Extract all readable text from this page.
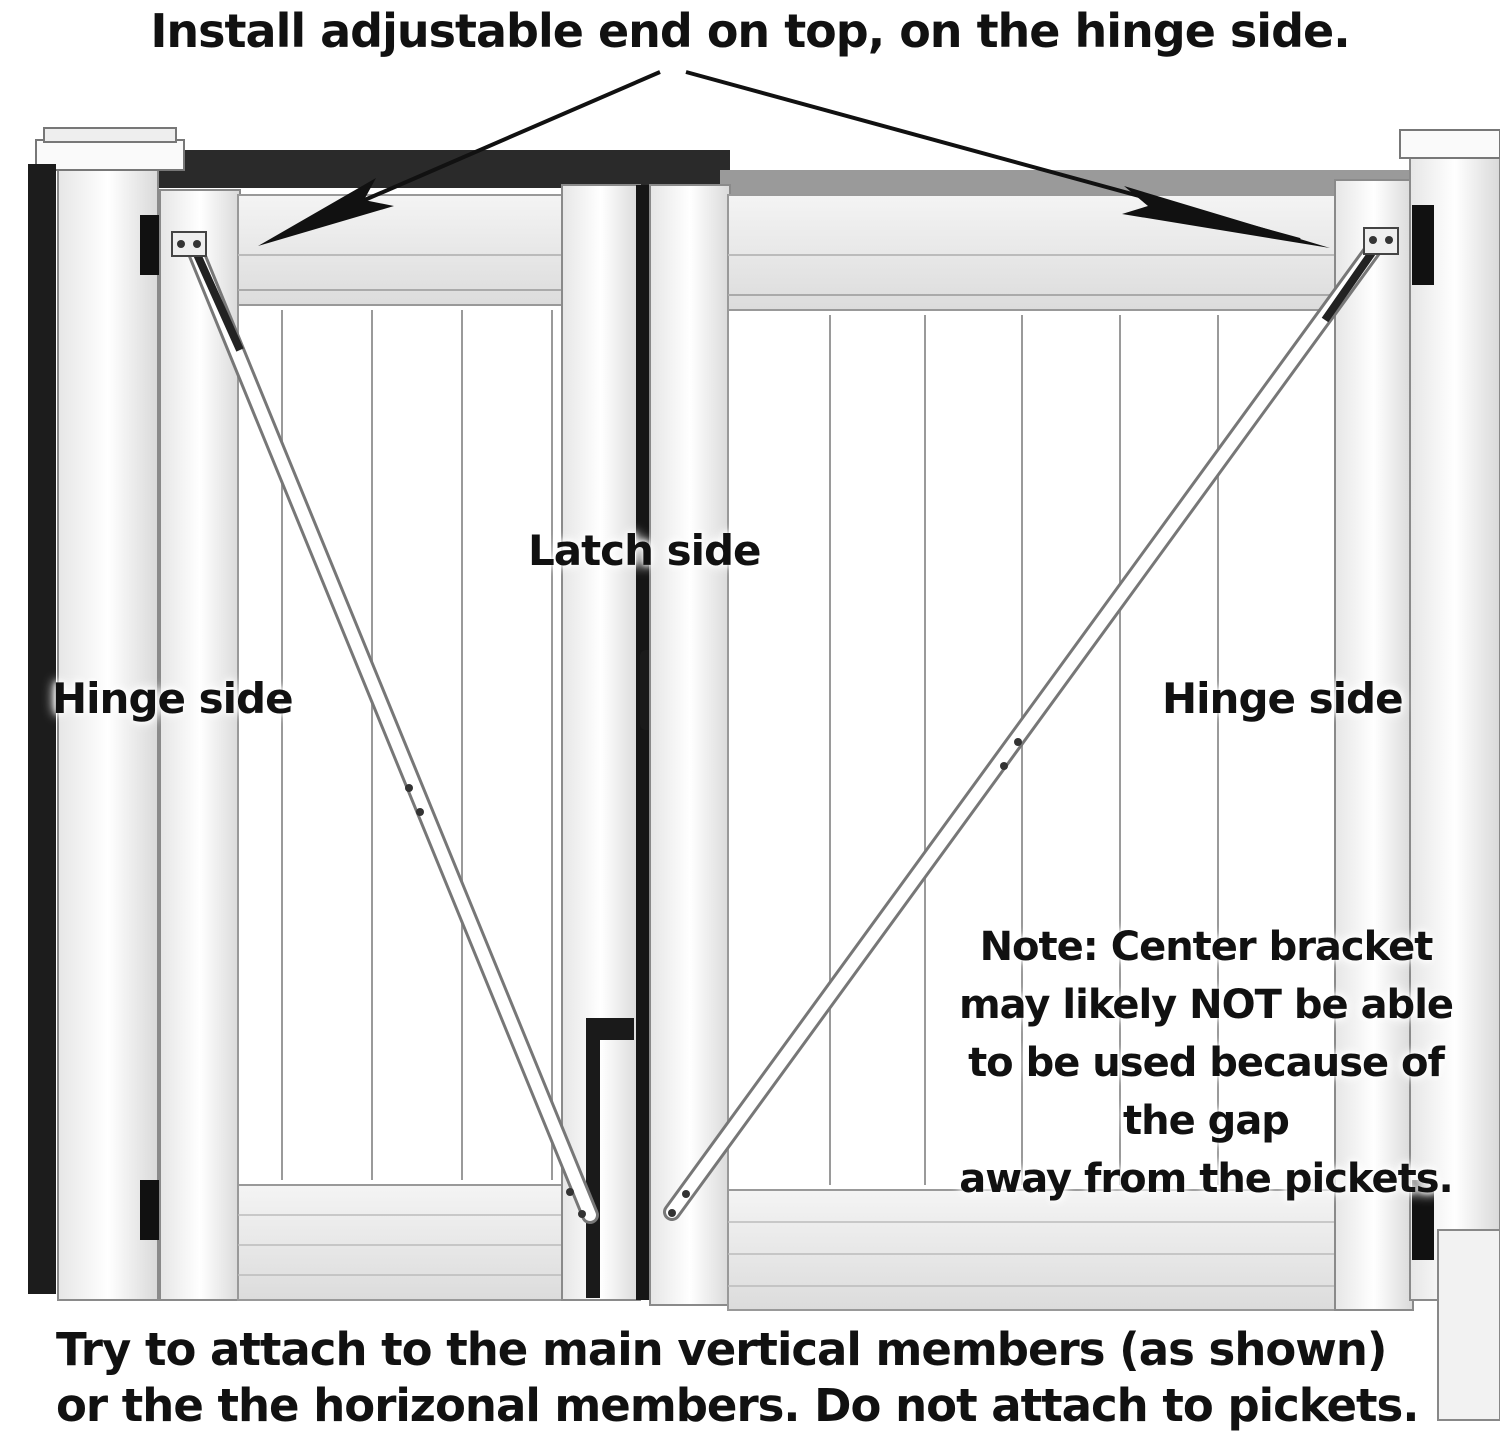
Install adjustable end on top, on the hinge side.
Latch side
Hinge side	Hinge side
Note: Center bracket
may likely NOT be able
to be used because of
the gap
away from the pickets.
Try to attach to the main vertical members (as shown)
or the the horizonal members. Do not attach to pickets.
